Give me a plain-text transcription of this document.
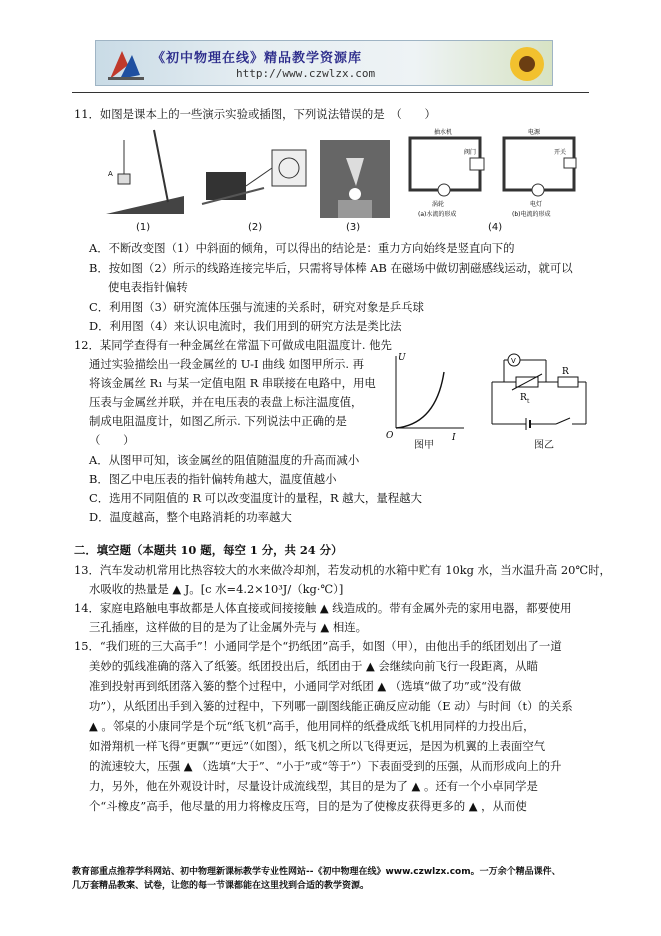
《初中物理在线》精品教学资源库
http://www.czwlzx.com
11．如图是课本上的一些演示实验或插图，下列说法错误的是　（　　）
A
抽水机
涡轮
阀门
(a)水流的形成
电源
开关
电灯
(b)电流的形成
(1)	(2)	(3)	(4)
A．不断改变图（1）中斜面的倾角，可以得出的结论是：重力方向始终是竖直向下的
B．按如图（2）所示的线路连接完毕后，只需将导体棒 AB 在磁场中做切割磁感线运动，就可以
使电表指针偏转
C．利用图（3）研究流体压强与流速的关系时，研究对象是乒乓球
D．利用图（4）来认识电流时，我们用到的研究方法是类比法
12．某同学查得有一种金属丝在常温下可做成电阻温度计. 他先
通过实验描绘出一段金属丝的 U-I 曲线 如图甲所示. 再
将该金属丝 R₁ 与某一定值电阻 R 串联接在电路中，用电
压表与金属丝并联，并在电压表的表盘上标注温度值，
制成电阻温度计，如图乙所示. 下列说法中正确的是
（　　）
U
I
O
图甲
V
R t
R
图乙
A．从图甲可知，该金属丝的阻值随温度的升高而减小
B．图乙中电压表的指针偏转角越大，温度值越小
C．选用不同阻值的 R 可以改变温度计的量程，R 越大，量程越大
D．温度越高，整个电路消耗的功率越大
二．填空题（本题共 10 题，每空 1 分，共 24 分）
13．汽车发动机常用比热容较大的水来做冷却剂，若发动机的水箱中贮有 10kg 水，当水温升高 20℃时，
水吸收的热量是 ▲ J。[c 水=4.2×10³J/（kg·℃）]
14．家庭电路触电事故都是人体直接或间接接触 ▲ 线造成的。带有金属外壳的家用电器，都要使用
三孔插座，这样做的目的是为了让金属外壳与 ▲ 相连。
15．“我们班的三大高手”！小通同学是个“扔纸团”高手，如图（甲），由他出手的纸团划出了一道
美妙的弧线准确的落入了纸篓。纸团投出后，纸团由于 ▲ 会继续向前飞行一段距离，从瞄
准到投射再到纸团落入篓的整个过程中，小通同学对纸团 ▲ （选填“做了功”或“没有做
功”），从纸团出手到入篓的过程中，下列哪一副图线能正确反应动能（E 动）与时间（t）的关系
▲ 。邻桌的小康同学是个玩“纸飞机”高手，他用同样的纸叠成纸飞机用同样的力投出后，
如滑翔机一样飞得“更飘”“更远”（如图），纸飞机之所以飞得更远，是因为机翼的上表面空气
的流速较大，压强 ▲ （选填“大于”、“小于”或“等于”）下表面受到的压强，从而形成向上的升
力，另外，他在外观设计时，尽量设计成流线型，其目的是为了 ▲ 。还有一个小卓同学是
个“斗橡皮”高手，他尽量的用力将橡皮压弯，目的是为了使橡皮获得更多的 ▲ ，从而使
教育部重点推荐学科网站、初中物理新课标教学专业性网站--《初中物理在线》www.czwlzx.com。一万余个精品课件、
几万套精品教案、试卷，让您的每一节课都能在这里找到合适的教学资源。
